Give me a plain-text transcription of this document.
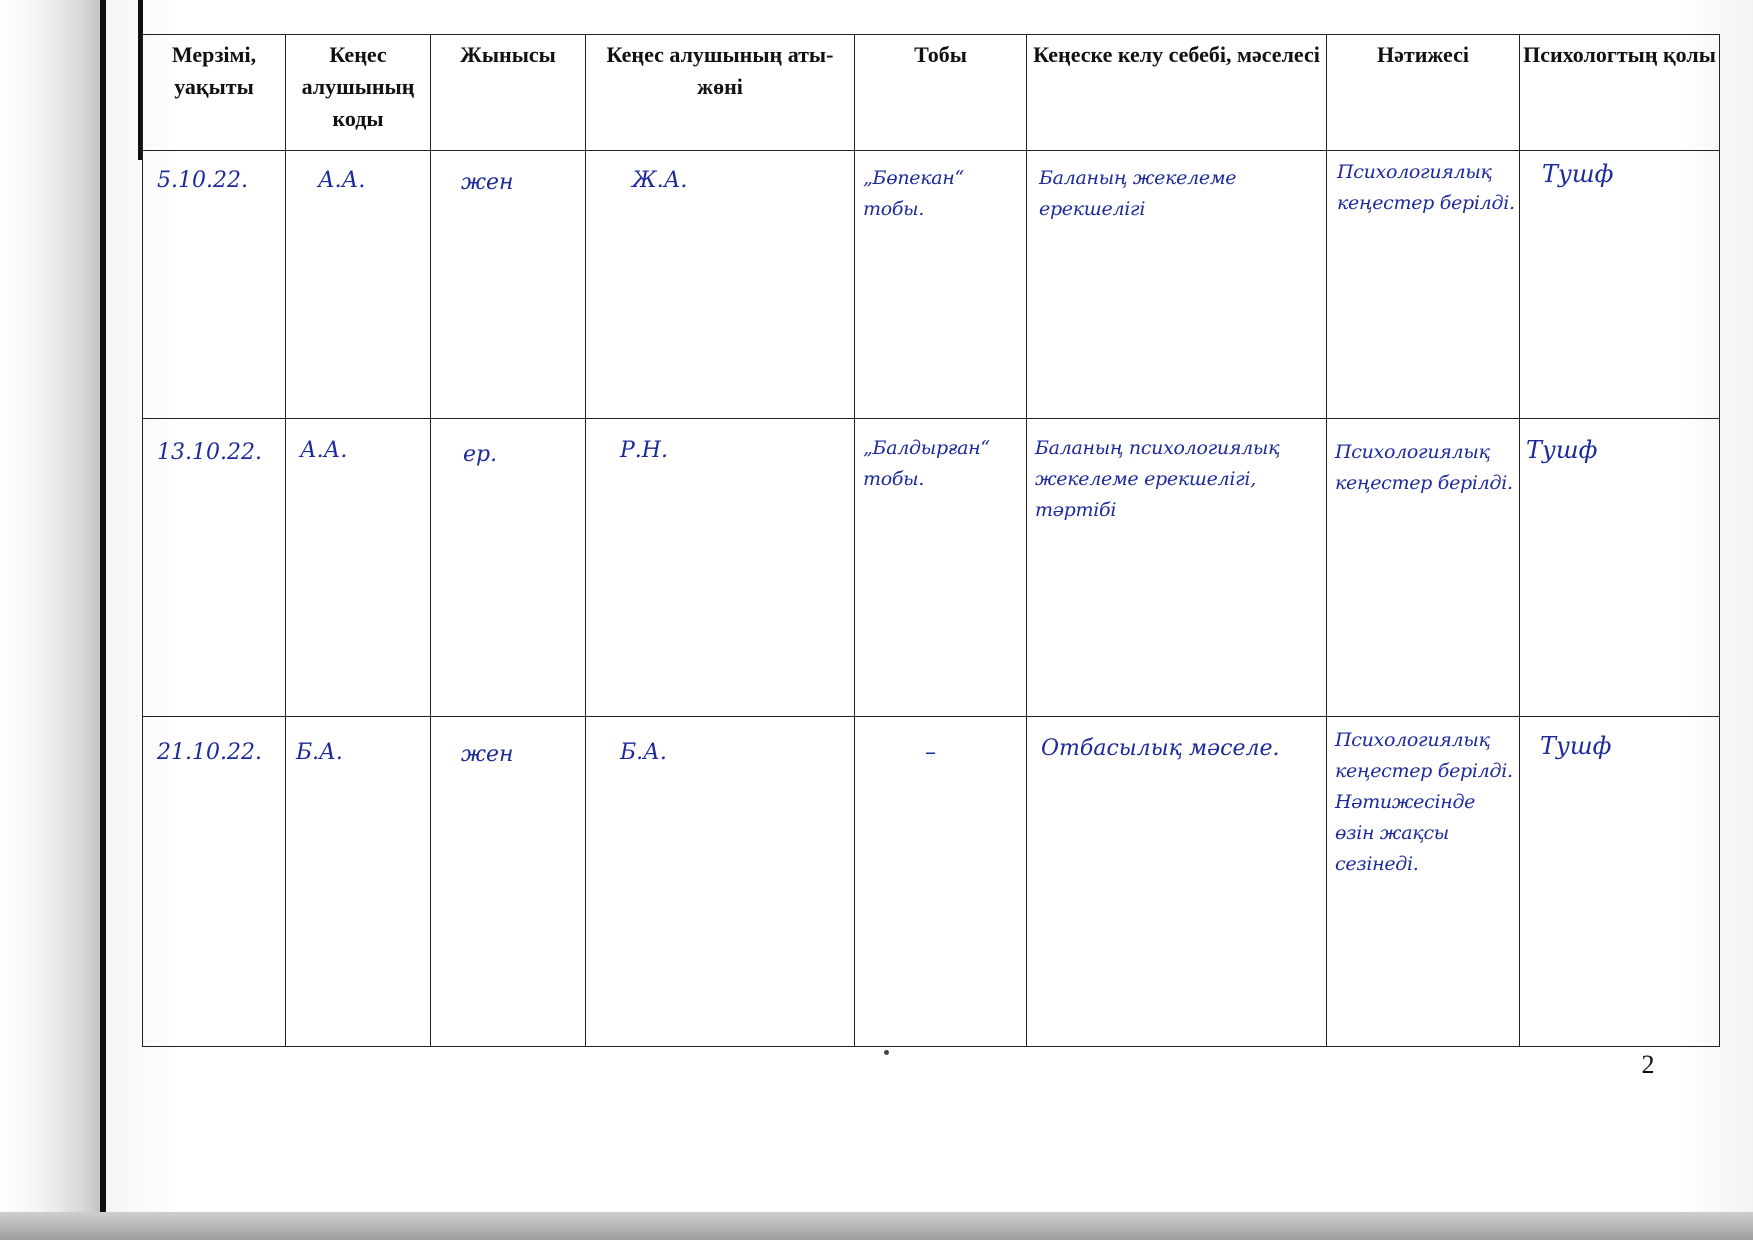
Мерзімі, уақыты	Кеңес алушының коды	Жынысы	Кеңес алушының аты-жөні	Тобы	Кеңеске келу себебі, мәселесі	Нәтижесі	Психологтың қолы

5.10.22.	А.А.	жен	Ж.А.	„Бөпекан“ тобы.	Баланың жекелеме ерекшелігі	Психологиялық кеңестер берілді.	Тушф

13.10.22.	А.А.	ер.	Р.Н.	„Балдырған“ тобы.	Баланың психологиялық жекелеме ерекшелігі, тәртібі	Психологиялық кеңестер берілді.	Тушф

21.10.22.	Б.А.	жен	Б.А.	–	Отбасылық мәселе.	Психологиялық кеңестер берілді. Нәтижесінде өзін жақсы сезінеді.	Тушф
2
